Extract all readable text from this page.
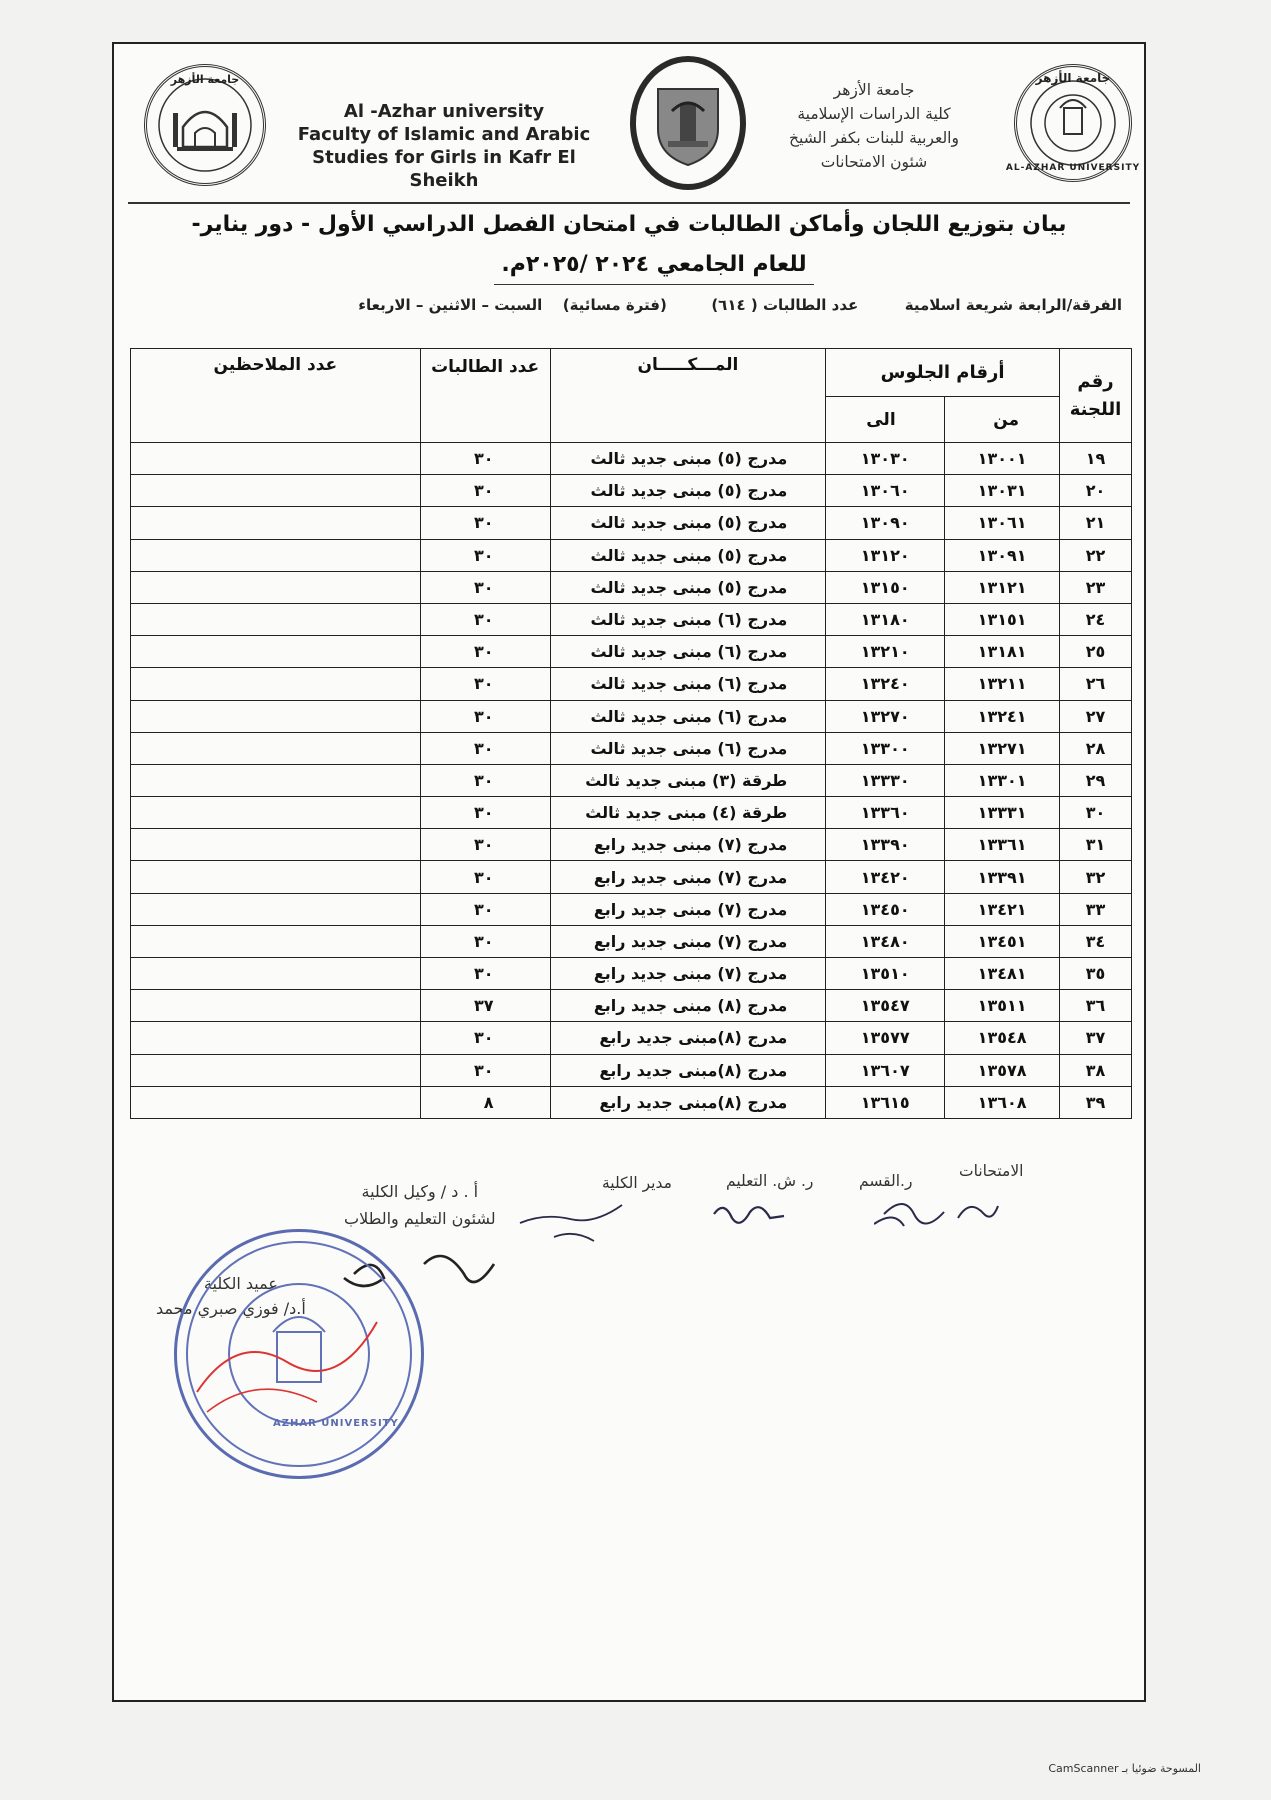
جامعة الأزهر
Al -Azhar university
Faculty of Islamic and Arabic
Studies for Girls in Kafr El Sheikh
جامعة الأزهر
كلية الدراسات الإسلامية
والعربية للبنات بكفر الشيخ
شئون الامتحانات
جامعة الأزهر
AL-AZHAR UNIVERSITY
بيان بتوزيع اللجان وأماكن الطالبات في امتحان الفصل الدراسي الأول - دور يناير-
للعام الجامعي ٢٠٢٤ /٢٠٢٥م.
الفرقة/الرابعة شريعة اسلامية  عدد الطالبات ( ٦١٤)  (فترة مسائية)  السبت – الاثنين – الاربعاء
رقم اللجنة	أرقام الجلوس		المـــكـــــان	عدد الطالبات	عدد الملاحظين
	من	الى			
١٩	١٣٠٠١	١٣٠٣٠	مدرج (٥) مبنى جديد ثالث	٣٠	
٢٠	١٣٠٣١	١٣٠٦٠	مدرج (٥) مبنى جديد ثالث	٣٠	
٢١	١٣٠٦١	١٣٠٩٠	مدرج (٥) مبنى جديد ثالث	٣٠	
٢٢	١٣٠٩١	١٣١٢٠	مدرج (٥) مبنى جديد ثالث	٣٠	
٢٣	١٣١٢١	١٣١٥٠	مدرج (٥) مبنى جديد ثالث	٣٠	
٢٤	١٣١٥١	١٣١٨٠	مدرج (٦) مبنى جديد ثالث	٣٠	
٢٥	١٣١٨١	١٣٢١٠	مدرج (٦) مبنى جديد ثالث	٣٠	
٢٦	١٣٢١١	١٣٢٤٠	مدرج (٦) مبنى جديد ثالث	٣٠	
٢٧	١٣٢٤١	١٣٢٧٠	مدرج (٦) مبنى جديد ثالث	٣٠	
٢٨	١٣٢٧١	١٣٣٠٠	مدرج (٦) مبنى جديد ثالث	٣٠	
٢٩	١٣٣٠١	١٣٣٣٠	طرقة (٣) مبنى جديد ثالث	٣٠	
٣٠	١٣٣٣١	١٣٣٦٠	طرقة (٤) مبنى جديد ثالث	٣٠	
٣١	١٣٣٦١	١٣٣٩٠	مدرج (٧) مبنى جديد رابع	٣٠	
٣٢	١٣٣٩١	١٣٤٢٠	مدرج (٧) مبنى جديد رابع	٣٠	
٣٣	١٣٤٢١	١٣٤٥٠	مدرج (٧) مبنى جديد رابع	٣٠	
٣٤	١٣٤٥١	١٣٤٨٠	مدرج (٧) مبنى جديد رابع	٣٠	
٣٥	١٣٤٨١	١٣٥١٠	مدرج (٧) مبنى جديد رابع	٣٠	
٣٦	١٣٥١١	١٣٥٤٧	مدرج (٨) مبنى جديد رابع	٣٧	
٣٧	١٣٥٤٨	١٣٥٧٧	مدرج (٨)مبنى جديد رابع	٣٠	
٣٨	١٣٥٧٨	١٣٦٠٧	مدرج (٨)مبنى جديد رابع	٣٠	
٣٩	١٣٦٠٨	١٣٦١٥	مدرج (٨)مبنى جديد رابع	٨	
الامتحانات
ر.القسم
ر. ش. التعليم
مدير الكلية
أ . د / وكيل الكلية
لشئون التعليم والطلاب
عميد الكلية
أ.د/ فوزي صبري محمد
AZHAR UNIVERSITY
المسوحة ضوئيا بـ CamScanner
